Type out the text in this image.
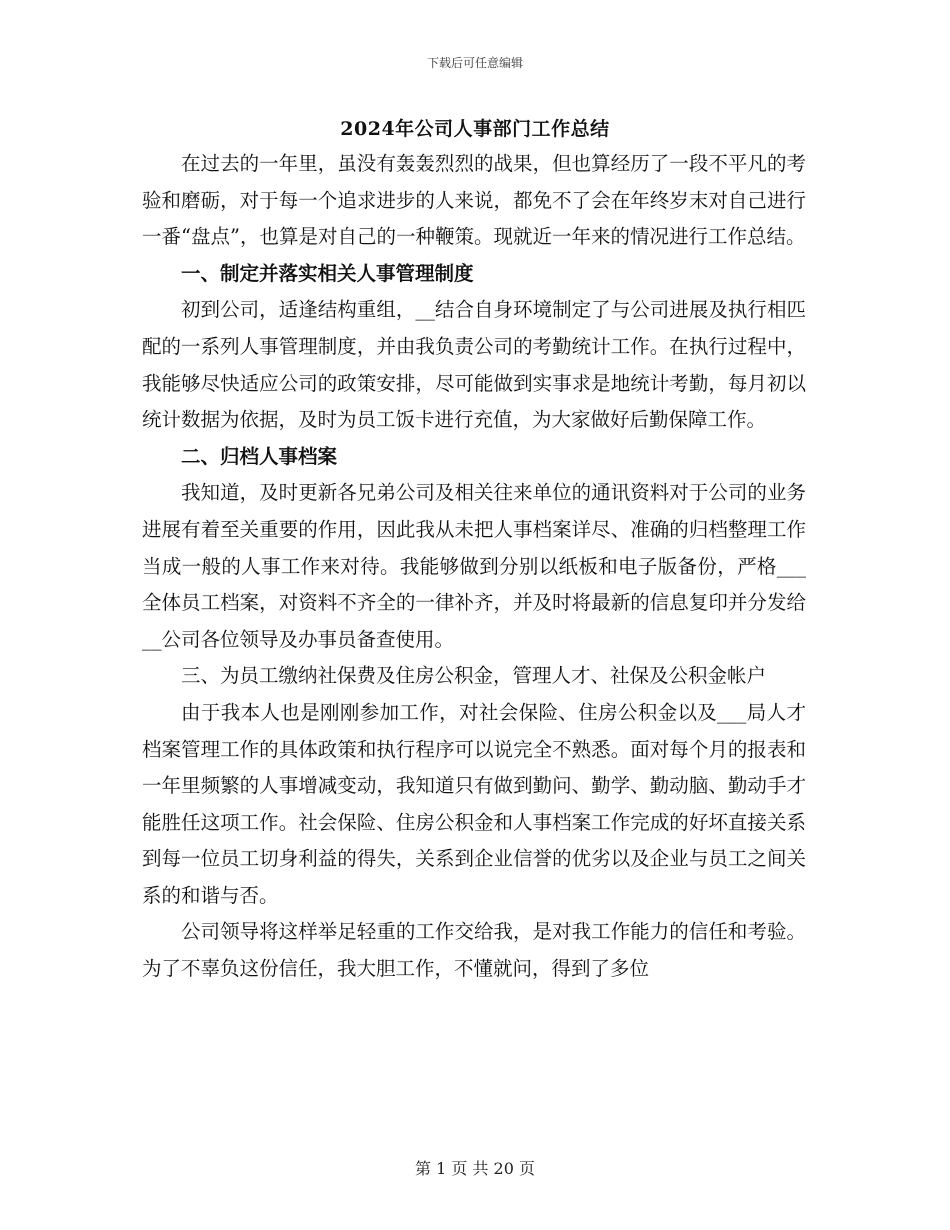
下载后可任意编辑
2024年公司人事部门工作总结

在过去的一年里，虽没有轰轰烈烈的战果，但也算经历了一段不平凡的考验和磨砺，对于每一个追求进步的人来说，都免不了会在年终岁末对自己进行一番“盘点”，也算是对自己的一种鞭策。现就近一年来的情况进行工作总结。

一、制定并落实相关人事管理制度

初到公司，适逢结构重组，__结合自身环境制定了与公司进展及执行相匹配的一系列人事管理制度，并由我负责公司的考勤统计工作。在执行过程中，我能够尽快适应公司的政策安排，尽可能做到实事求是地统计考勤，每月初以统计数据为依据，及时为员工饭卡进行充值，为大家做好后勤保障工作。

二、归档人事档案

我知道，及时更新各兄弟公司及相关往来单位的通讯资料对于公司的业务进展有着至关重要的作用，因此我从未把人事档案详尽、准确的归档整理工作当成一般的人事工作来对待。我能够做到分别以纸板和电子版备份，严格___全体员工档案，对资料不齐全的一律补齐，并及时将最新的信息复印并分发给__公司各位领导及办事员备查使用。

三、为员工缴纳社保费及住房公积金，管理人才、社保及公积金帐户

由于我本人也是刚刚参加工作，对社会保险、住房公积金以及___局人才档案管理工作的具体政策和执行程序可以说完全不熟悉。面对每个月的报表和一年里频繁的人事增减变动，我知道只有做到勤问、勤学、勤动脑、勤动手才能胜任这项工作。社会保险、住房公积金和人事档案工作完成的好坏直接关系到每一位员工切身利益的得失，关系到企业信誉的优劣以及企业与员工之间关系的和谐与否。

公司领导将这样举足轻重的工作交给我，是对我工作能力的信任和考验。为了不辜负这份信任，我大胆工作，不懂就问，得到了多位

第 1 页 共 20 页
